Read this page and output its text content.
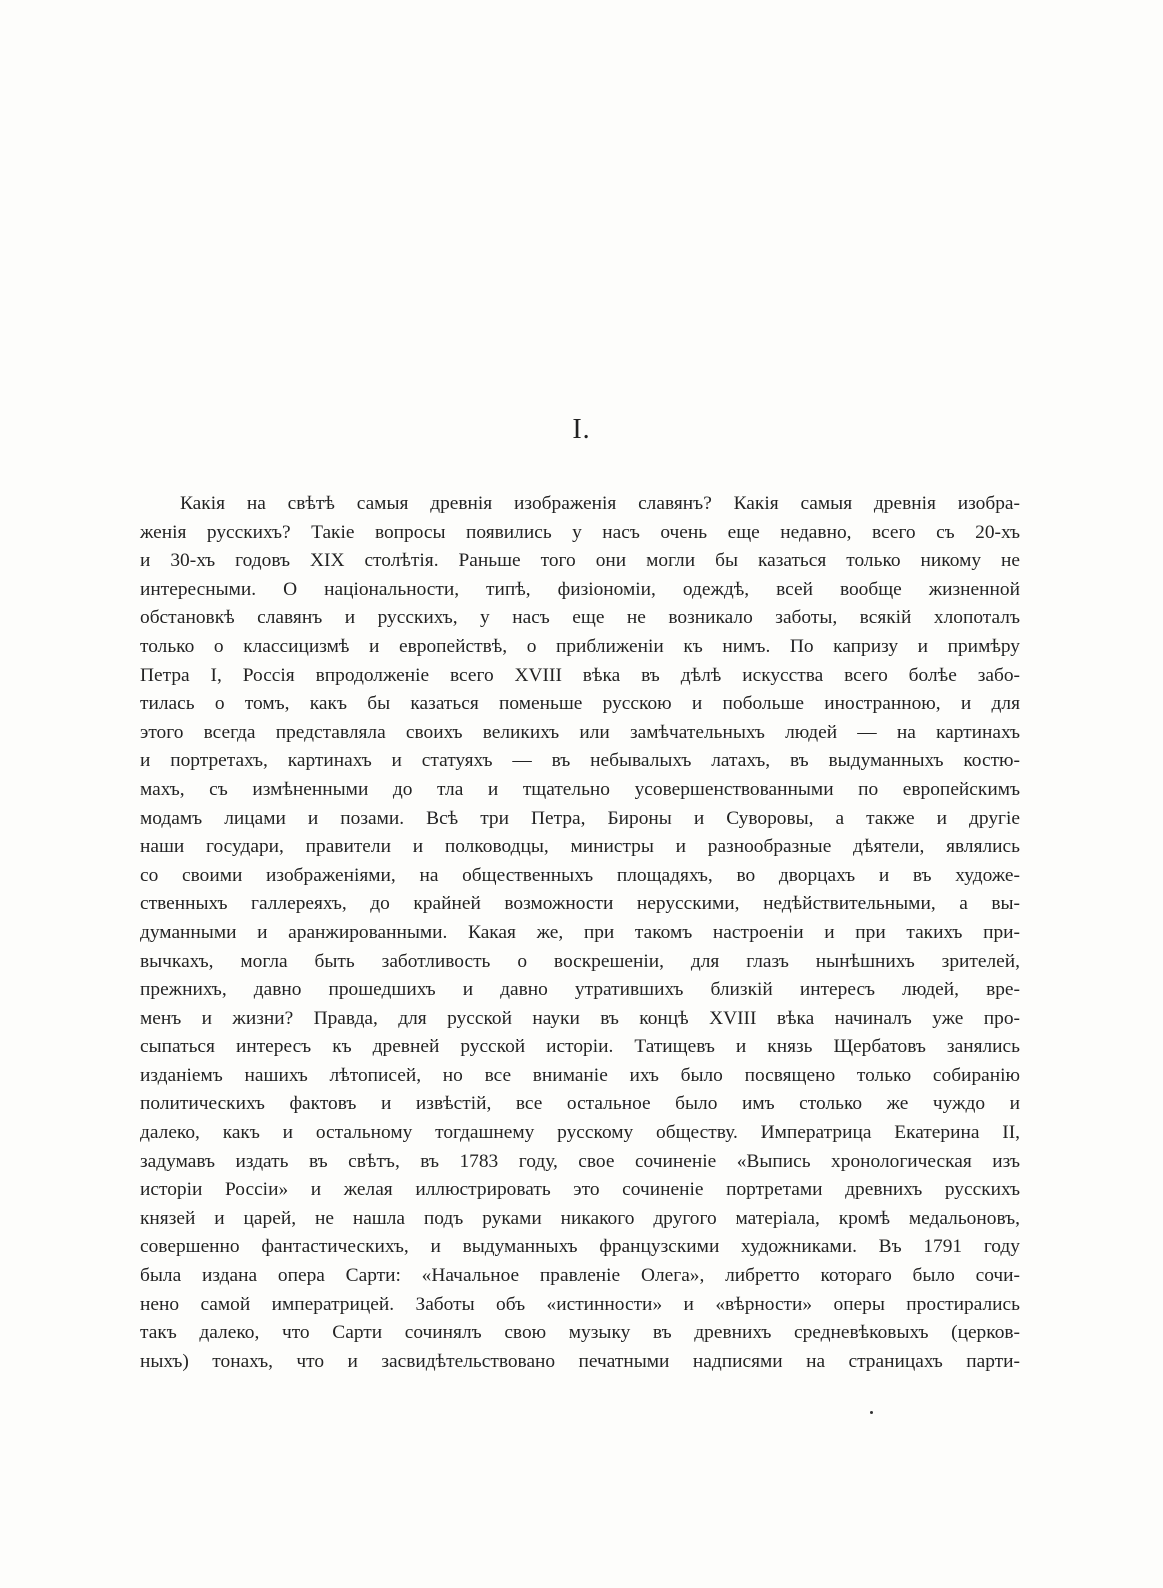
I.
Какія на свѣтѣ самыя древнія изображенія славянъ? Какія самыя древнія изобра-
женія русскихъ? Такіе вопросы появились у насъ очень еще недавно, всего съ 20-хъ
и 30-хъ годовъ XIX столѣтія. Раньше того они могли бы казаться только никому не
интересными. О національности, типѣ, физіономіи, одеждѣ, всей вообще жизненной
обстановкѣ славянъ и русскихъ, у насъ еще не возникало заботы, всякій хлопоталъ
только о классицизмѣ и европействѣ, о приближеніи къ нимъ. По капризу и примѣру
Петра I, Россія впродолженіе всего XVIII вѣка въ дѣлѣ искусства всего болѣе забо-
тилась о томъ, какъ бы казаться поменьше русскою и побольше иностранною, и для
этого всегда представляла своихъ великихъ или замѣчательныхъ людей — на картинахъ
и портретахъ, картинахъ и статуяхъ — въ небывалыхъ латахъ, въ выдуманныхъ костю-
махъ, съ измѣненными до тла и тщательно усовершенствованными по европейскимъ
модамъ лицами и позами. Всѣ три Петра, Бироны и Суворовы, а также и другіе
наши государи, правители и полководцы, министры и разнообразные дѣятели, являлись
со своими изображеніями, на общественныхъ площадяхъ, во дворцахъ и въ художе-
ственныхъ галлереяхъ, до крайней возможности нерусскими, недѣйствительными, а вы-
думанными и аранжированными. Какая же, при такомъ настроеніи и при такихъ при-
вычкахъ, могла быть заботливость о воскрешеніи, для глазъ нынѣшнихъ зрителей,
прежнихъ, давно прошедшихъ и давно утратившихъ близкій интересъ людей, вре-
менъ и жизни? Правда, для русской науки въ концѣ XVIII вѣка начиналъ уже про-
сыпаться интересъ къ древней русской исторіи. Татищевъ и князь Щербатовъ занялись
изданіемъ нашихъ лѣтописей, но все вниманіе ихъ было посвящено только собиранію
политическихъ фактовъ и извѣстій, все остальное было имъ столько же чуждо и
далеко, какъ и остальному тогдашнему русскому обществу. Императрица Екатерина II,
задумавъ издать въ свѣтъ, въ 1783 году, свое сочиненіе «Выпись хронологическая изъ
исторіи Россіи» и желая иллюстрировать это сочиненіе портретами древнихъ русскихъ
князей и царей, не нашла подъ руками никакого другого матеріала, кромѣ медальоновъ,
совершенно фантастическихъ, и выдуманныхъ французскими художниками. Въ 1791 году
была издана опера Сарти: «Начальное правленіе Олега», либретто котораго было сочи-
нено самой императрицей. Заботы объ «истинности» и «вѣрности» оперы простирались
такъ далеко, что Сарти сочинялъ свою музыку въ древнихъ средневѣковыхъ (церков-
ныхъ) тонахъ, что и засвидѣтельствовано печатными надписями на страницахъ парти-
